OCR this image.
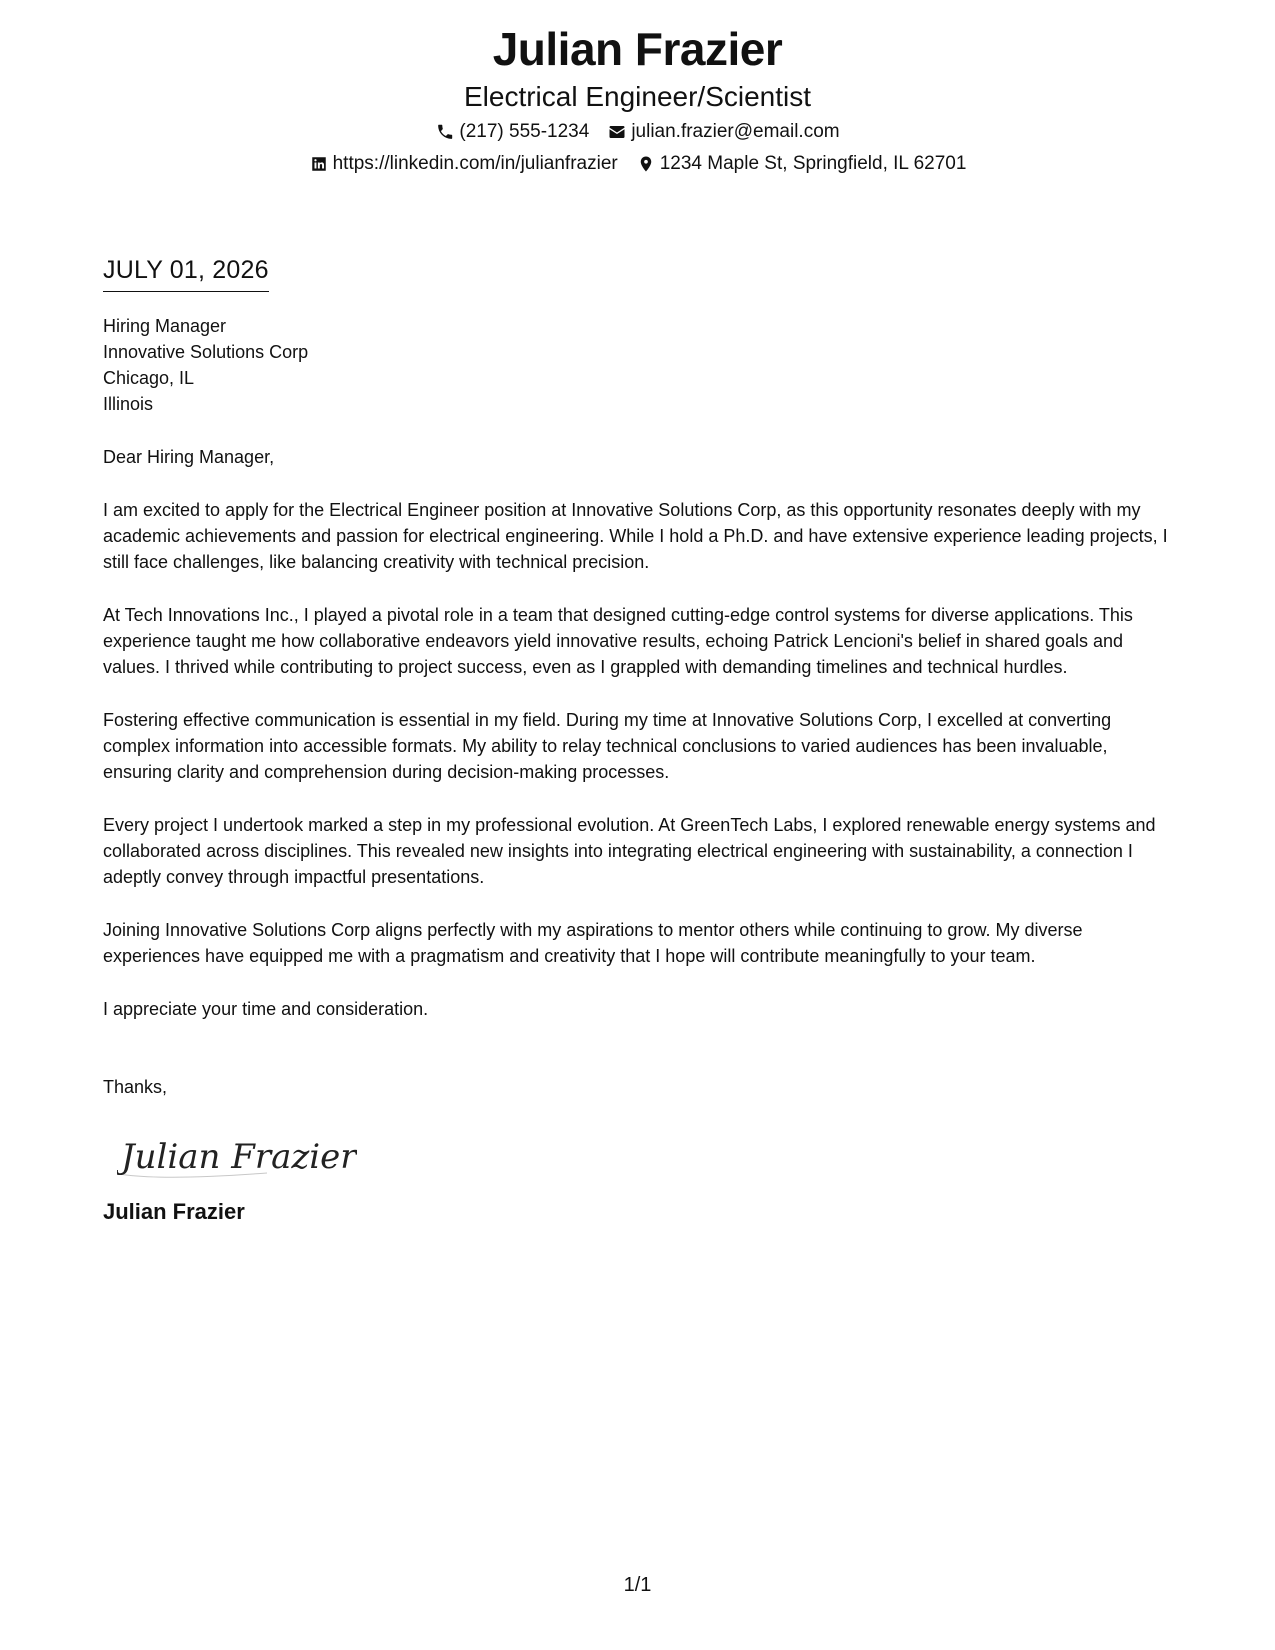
Julian Frazier
Electrical Engineer/Scientist
(217) 555-1234 julian.frazier@email.com
https://linkedin.com/in/julianfrazier 1234 Maple St, Springfield, IL 62701
JULY 01, 2026
Hiring Manager
Innovative Solutions Corp
Chicago, IL
Illinois
Dear Hiring Manager,

I am excited to apply for the Electrical Engineer position at Innovative Solutions Corp, as this opportunity resonates deeply with my academic achievements and passion for electrical engineering. While I hold a Ph.D. and have extensive experience leading projects, I still face challenges, like balancing creativity with technical precision.

At Tech Innovations Inc., I played a pivotal role in a team that designed cutting-edge control systems for diverse applications. This experience taught me how collaborative endeavors yield innovative results, echoing Patrick Lencioni's belief in shared goals and values. I thrived while contributing to project success, even as I grappled with demanding timelines and technical hurdles.

Fostering effective communication is essential in my field. During my time at Innovative Solutions Corp, I excelled at converting complex information into accessible formats. My ability to relay technical conclusions to varied audiences has been invaluable, ensuring clarity and comprehension during decision-making processes.

Every project I undertook marked a step in my professional evolution. At GreenTech Labs, I explored renewable energy systems and collaborated across disciplines. This revealed new insights into integrating electrical engineering with sustainability, a connection I adeptly convey through impactful presentations.

Joining Innovative Solutions Corp aligns perfectly with my aspirations to mentor others while continuing to grow. My diverse experiences have equipped me with a pragmatism and creativity that I hope will contribute meaningfully to your team.

I appreciate your time and consideration.

Thanks,
Julian Frazier
Julian Frazier
1/1
